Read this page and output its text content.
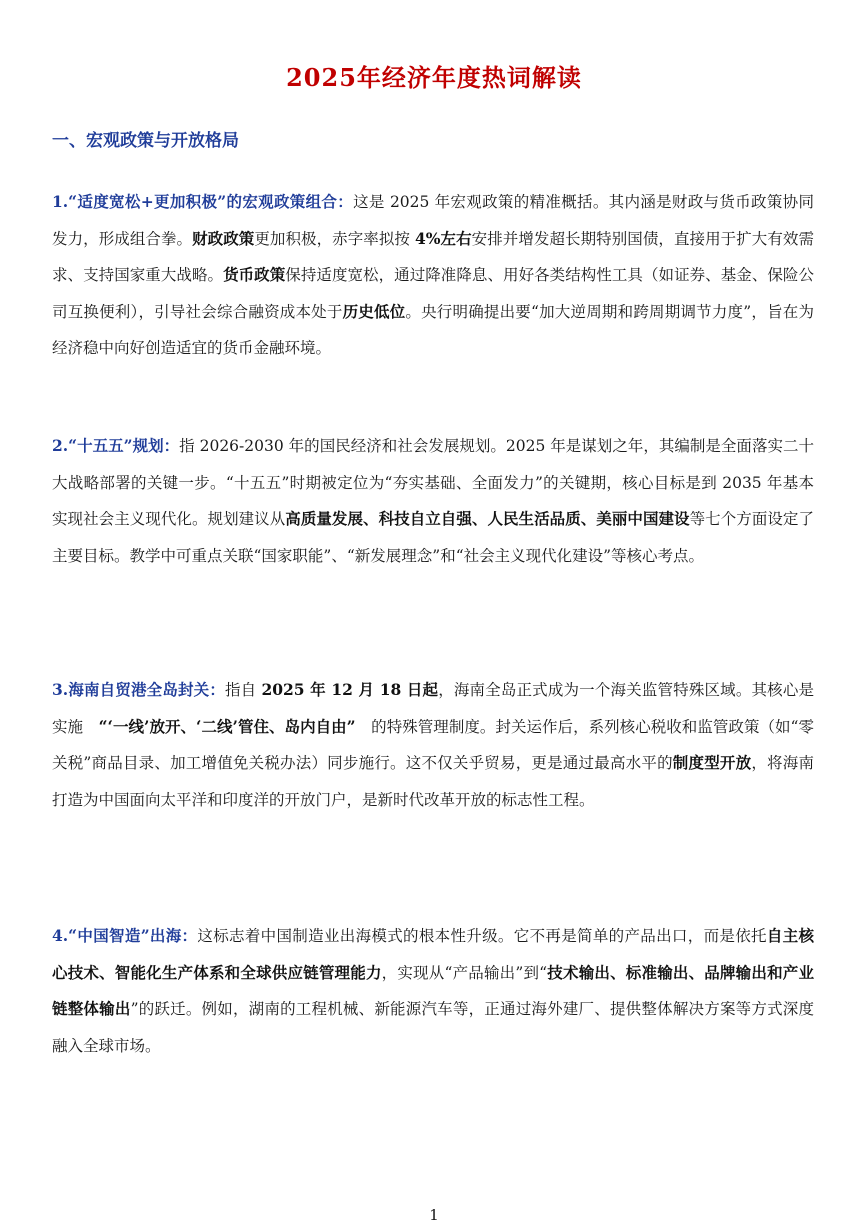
2025年经济年度热词解读
一、宏观政策与开放格局
1.“适度宽松+更加积极”的宏观政策组合：这是 2025 年宏观政策的精准概括。其内涵是财政与货币政策协同发力，形成组合拳。财政政策更加积极，赤字率拟按 4%左右安排并增发超长期特别国债，直接用于扩大有效需求、支持国家重大战略。货币政策保持适度宽松，通过降准降息、用好各类结构性工具（如证券、基金、保险公司互换便利），引导社会综合融资成本处于历史低位。央行明确提出要“加大逆周期和跨周期调节力度”，旨在为经济稳中向好创造适宜的货币金融环境。
2.“十五五”规划：指 2026-2030 年的国民经济和社会发展规划。2025 年是谋划之年，其编制是全面落实二十大战略部署的关键一步。“十五五”时期被定位为“夯实基础、全面发力”的关键期，核心目标是到 2035 年基本实现社会主义现代化。规划建议从高质量发展、科技自立自强、人民生活品质、美丽中国建设等七个方面设定了主要目标。教学中可重点关联“国家职能”、“新发展理念”和“社会主义现代化建设”等核心考点。
3.海南自贸港全岛封关：指自 2025 年 12 月 18 日起，海南全岛正式成为一个海关监管特殊区域。其核心是实施　“‘一线’放开、‘二线’管住、岛内自由”　的特殊管理制度。封关运作后，系列核心税收和监管政策（如“零关税”商品目录、加工增值免关税办法）同步施行。这不仅关乎贸易，更是通过最高水平的制度型开放，将海南打造为中国面向太平洋和印度洋的开放门户，是新时代改革开放的标志性工程。
4.“中国智造”出海：这标志着中国制造业出海模式的根本性升级。它不再是简单的产品出口，而是依托自主核心技术、智能化生产体系和全球供应链管理能力，实现从“产品输出”到“技术输出、标准输出、品牌输出和产业链整体输出”的跃迁。例如，湖南的工程机械、新能源汽车等，正通过海外建厂、提供整体解决方案等方式深度融入全球市场。
1
